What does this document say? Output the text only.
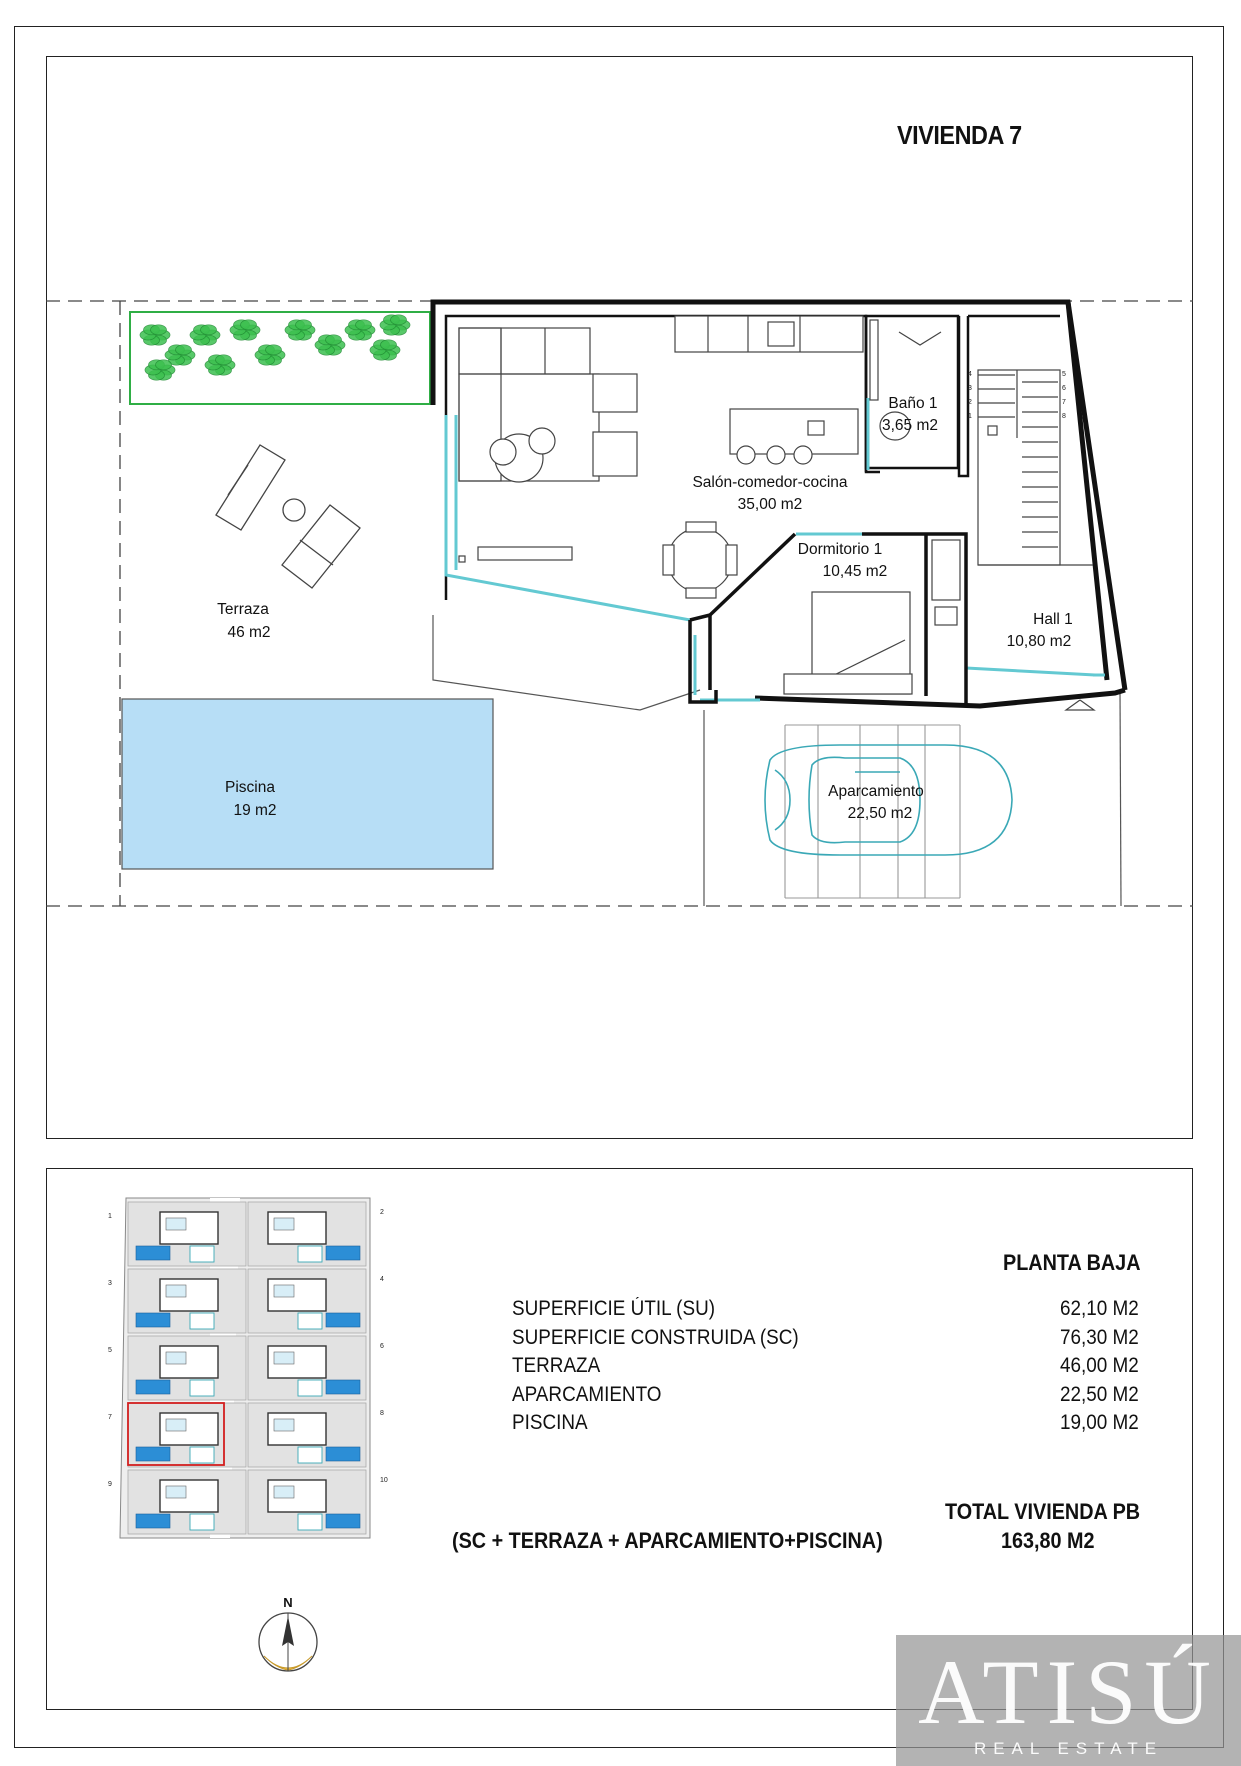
VIVIENDA 7
1
2
3
4	5
6
7
8
Terraza
46 m2
Piscina
19 m2
Salón-comedor-cocina
35,00 m2
Baño 1
3,65 m2
Dormitorio 1
10,45 m2
Hall 1
10,80 m2
Aparcamiento
22,50 m2
1
2
3
4
5
6
7
8
9
10
N
PLANTA BAJA
SUPERFICIE ÚTIL (SU)	62,10 M2
SUPERFICIE CONSTRUIDA (SC)	76,30 M2
TERRAZA	46,00 M2
APARCAMIENTO	22,50 M2
PISCINA	19,00 M2
TOTAL VIVIENDA PB
(SC + TERRAZA + APARCAMIENTO+PISCINA)	163,80 M2
ATISÚ
REAL ESTATE
